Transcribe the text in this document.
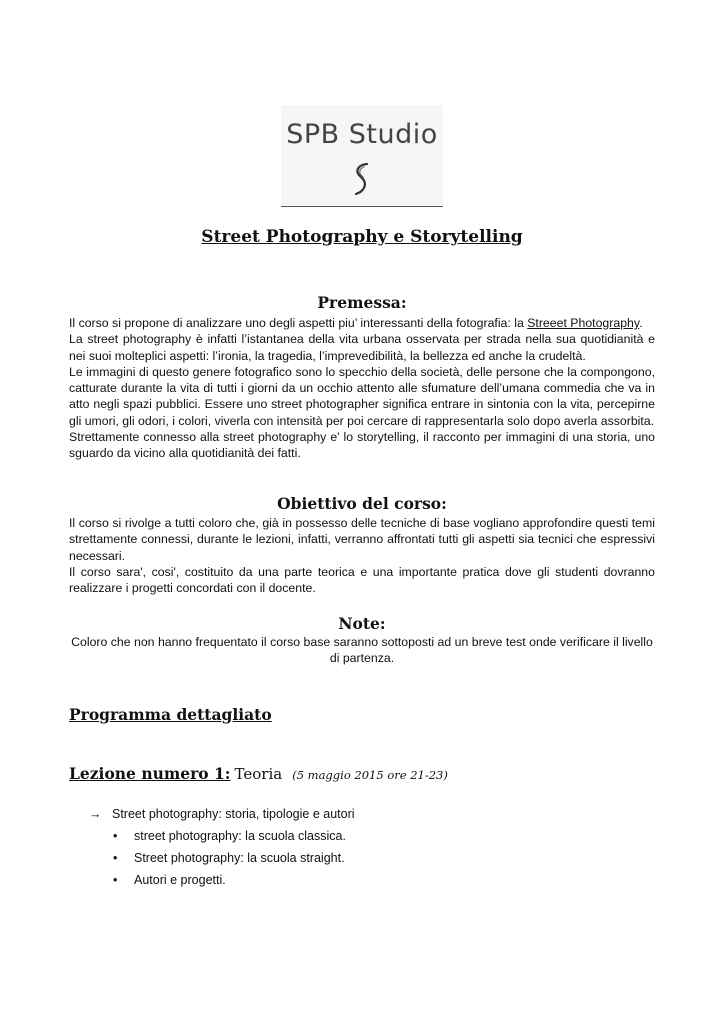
SPB Studio
Street Photography e Storytelling
Premessa:

Il corso si propone di analizzare uno degli aspetti piu’ interessanti della fotografia: la Streeet Photography.

La street photography è infatti l’istantanea della vita urbana osservata per strada nella sua quotidianità e nei suoi molteplici aspetti: l’ironia, la tragedia, l’imprevedibilità, la bellezza ed anche la crudeltà.

Le immagini di questo genere fotografico sono lo specchio della società, delle persone che la compongono, catturate durante la vita di tutti i giorni da un occhio attento alle sfumature dell’umana commedia che va in atto negli spazi pubblici. Essere uno street photographer significa entrare in sintonia con la vita, percepirne gli umori, gli odori, i colori, viverla con intensità per poi cercare di rappresentarla solo dopo averla assorbita.

Strettamente connesso alla street photography e' lo storytelling, il racconto per immagini di una storia, uno sguardo da vicino alla quotidianità dei fatti.

Obiettivo del corso:

Il corso si rivolge a tutti coloro che, già in possesso delle tecniche di base vogliano approfondire questi temi strettamente connessi, durante le lezioni, infatti, verranno affrontati tutti gli aspetti sia tecnici che espressivi necessari.

Il corso sara', cosi', costituito da una parte teorica e una importante pratica dove gli studenti dovranno realizzare i progetti concordati con il docente.

Note:

Coloro che non hanno frequentato il corso base saranno sottoposti ad un breve test onde verificare il livello di partenza.

Programma dettagliato
Lezione numero 1: Teoria (5 maggio 2015 ore 21-23)
→ Street photography: storia, tipologie e autori
• street photography: la scuola classica.
• Street photography: la scuola straight.
• Autori e progetti.
